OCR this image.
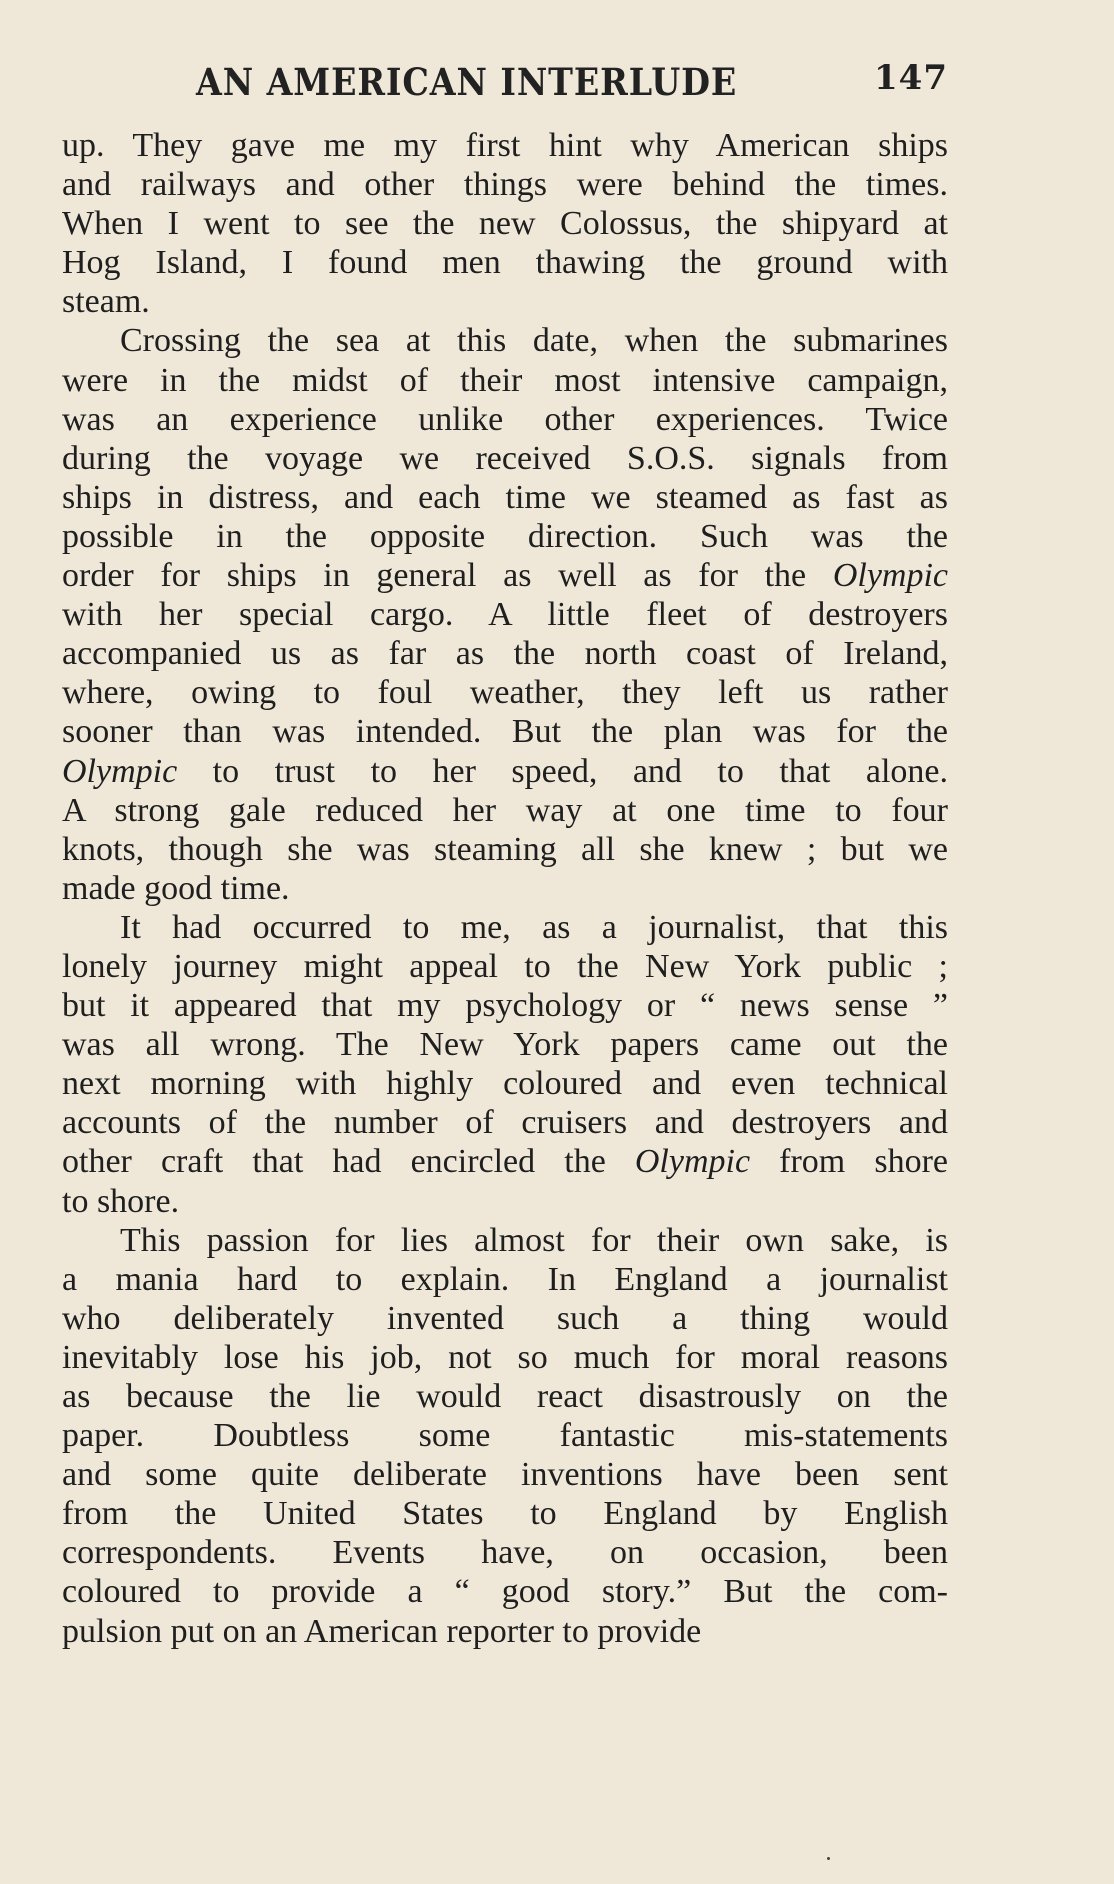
AN AMERICAN INTERLUDE	147
up. They gave me my first hint why American ships
and railways and other things were behind the times.
When I went to see the new Colossus, the shipyard at
Hog Island, I found men thawing the ground with
steam.
Crossing the sea at this date, when the submarines
were in the midst of their most intensive campaign,
was an experience unlike other experiences. Twice
during the voyage we received S.O.S. signals from
ships in distress, and each time we steamed as fast as
possible in the opposite direction. Such was the
order for ships in general as well as for the Olympic
with her special cargo. A little fleet of destroyers
accompanied us as far as the north coast of Ireland,
where, owing to foul weather, they left us rather
sooner than was intended. But the plan was for the
Olympic to trust to her speed, and to that alone.
A strong gale reduced her way at one time to four
knots, though she was steaming all she knew ; but we
made good time.
It had occurred to me, as a journalist, that this
lonely journey might appeal to the New York public ;
but it appeared that my psychology or “ news sense ”
was all wrong. The New York papers came out the
next morning with highly coloured and even technical
accounts of the number of cruisers and destroyers and
other craft that had encircled the Olympic from shore
to shore.
This passion for lies almost for their own sake, is
a mania hard to explain. In England a journalist
who deliberately invented such a thing would
inevitably lose his job, not so much for moral reasons
as because the lie would react disastrously on the
paper. Doubtless some fantastic mis-statements
and some quite deliberate inventions have been sent
from the United States to England by English
correspondents. Events have, on occasion, been
coloured to provide a “ good story.” But the com-
pulsion put on an American reporter to provide
